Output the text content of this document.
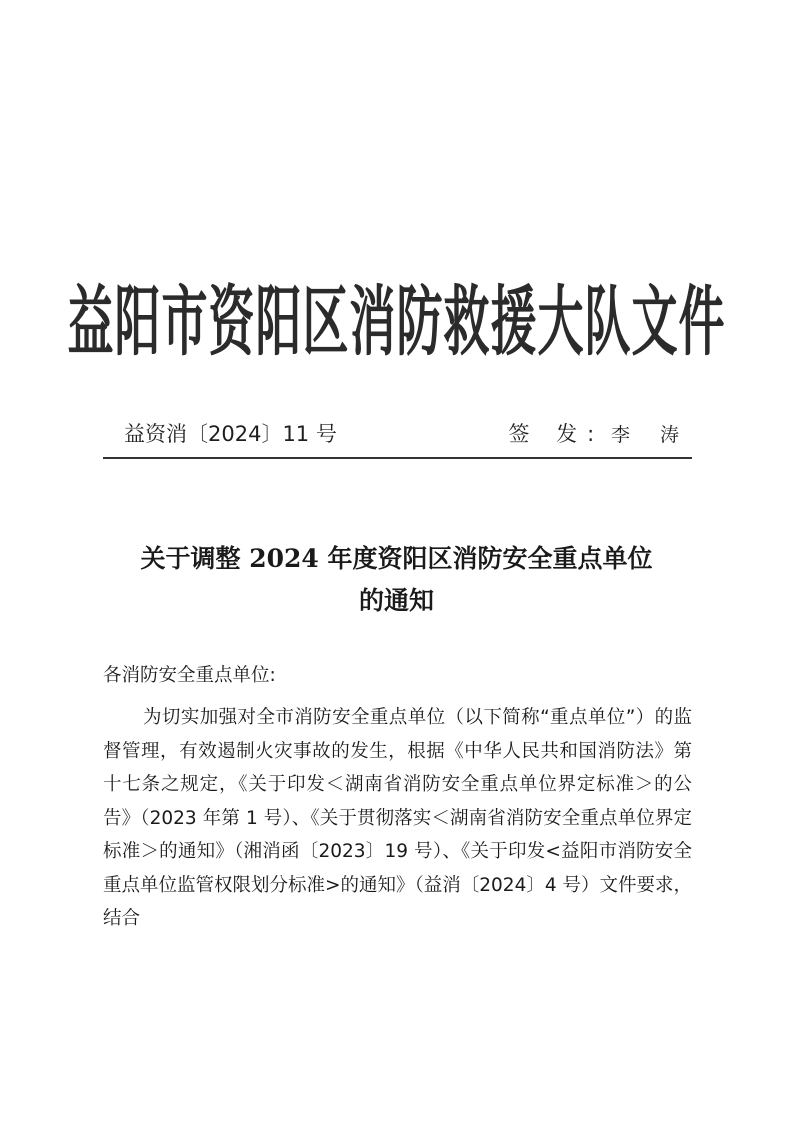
益阳市资阳区消防救援大队文件
益资消〔2024〕11 号	签 发: 李 涛
关于调整 2024 年度资阳区消防安全重点单位
的通知
各消防安全重点单位:

为切实加强对全市消防安全重点单位（以下简称“重点单位”）的监督管理，有效遏制火灾事故的发生，根据《中华人民共和国消防法》第十七条之规定，《关于印发＜湖南省消防安全重点单位界定标准＞的公告》（2023 年第 1 号）、《关于贯彻落实＜湖南省消防安全重点单位界定标准＞的通知》（湘消函〔2023〕19 号）、《关于印发<益阳市消防安全重点单位监管权限划分标准>的通知》（益消〔2024〕4 号）文件要求，结合
